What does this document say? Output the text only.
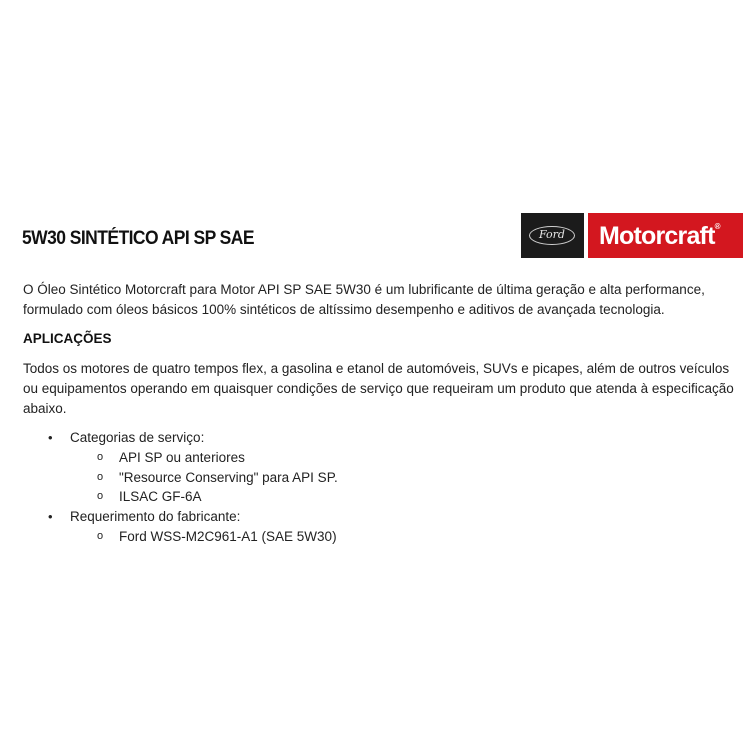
5W30 SINTÉTICO API SP SAE	Ford	Motorcraft®
O Óleo Sintético Motorcraft para Motor API SP SAE 5W30 é um lubrificante de última geração e alta performance, formulado com óleos básicos 100% sintéticos de altíssimo desempenho e aditivos de avançada tecnologia.
APLICAÇÕES
Todos os motores de quatro tempos flex, a gasolina e etanol de automóveis, SUVs e picapes, além de outros veículos ou equipamentos operando em quaisquer condições de serviço que requeiram um produto que atenda à especificação abaixo.
• Categorias de serviço:
o API SP ou anteriores
o "Resource Conserving" para API SP.
o ILSAC GF-6A
• Requerimento do fabricante:
o Ford WSS-M2C961-A1 (SAE 5W30)
